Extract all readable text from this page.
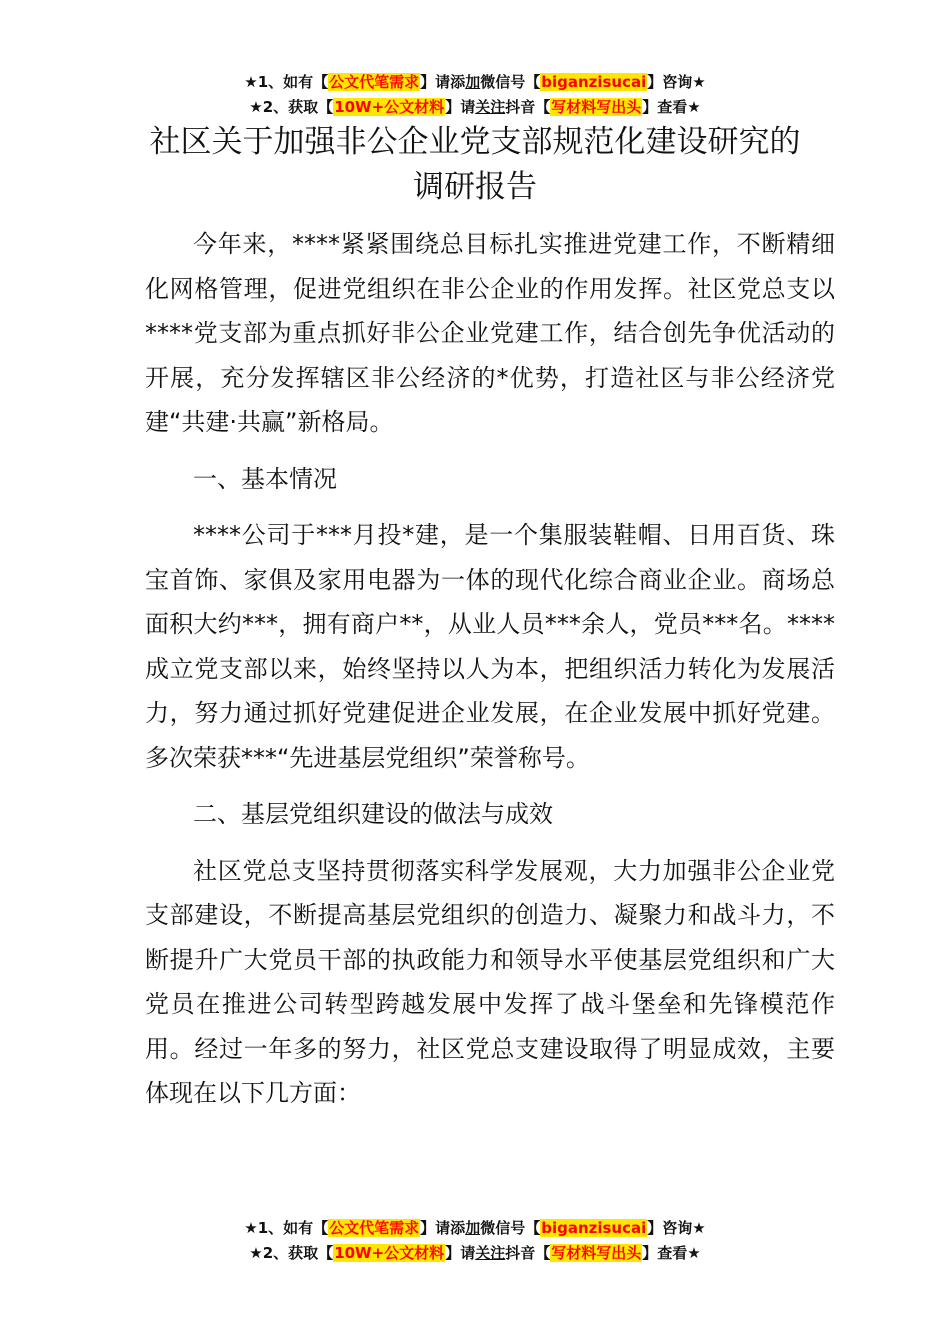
★1、如有【公文代笔需求】请添加微信号【biganzisucai】咨询★
★2、获取【10W+公文材料】请关注抖音【写材料写出头】查看★
社区关于加强非公企业党支部规范化建设研究的调研报告

今年来，****紧紧围绕总目标扎实推进党建工作，不断精细化网格管理，促进党组织在非公企业的作用发挥。社区党总支以****党支部为重点抓好非公企业党建工作，结合创先争优活动的开展，充分发挥辖区非公经济的*优势，打造社区与非公经济党建“共建·共赢”新格局。

一、基本情况

****公司于***月投*建，是一个集服装鞋帽、日用百货、珠宝首饰、家俱及家用电器为一体的现代化综合商业企业。商场总面积大约***，拥有商户**，从业人员***余人，党员***名。****成立党支部以来，始终坚持以人为本，把组织活力转化为发展活力，努力通过抓好党建促进企业发展，在企业发展中抓好党建。多次荣获***“先进基层党组织”荣誉称号。

二、基层党组织建设的做法与成效

社区党总支坚持贯彻落实科学发展观，大力加强非公企业党支部建设，不断提高基层党组织的创造力、凝聚力和战斗力，不断提升广大党员干部的执政能力和领导水平使基层党组织和广大党员在推进公司转型跨越发展中发挥了战斗堡垒和先锋模范作用。经过一年多的努力，社区党总支建设取得了明显成效，主要体现在以下几方面：

★1、如有【公文代笔需求】请添加微信号【biganzisucai】咨询★
★2、获取【10W+公文材料】请关注抖音【写材料写出头】查看★
